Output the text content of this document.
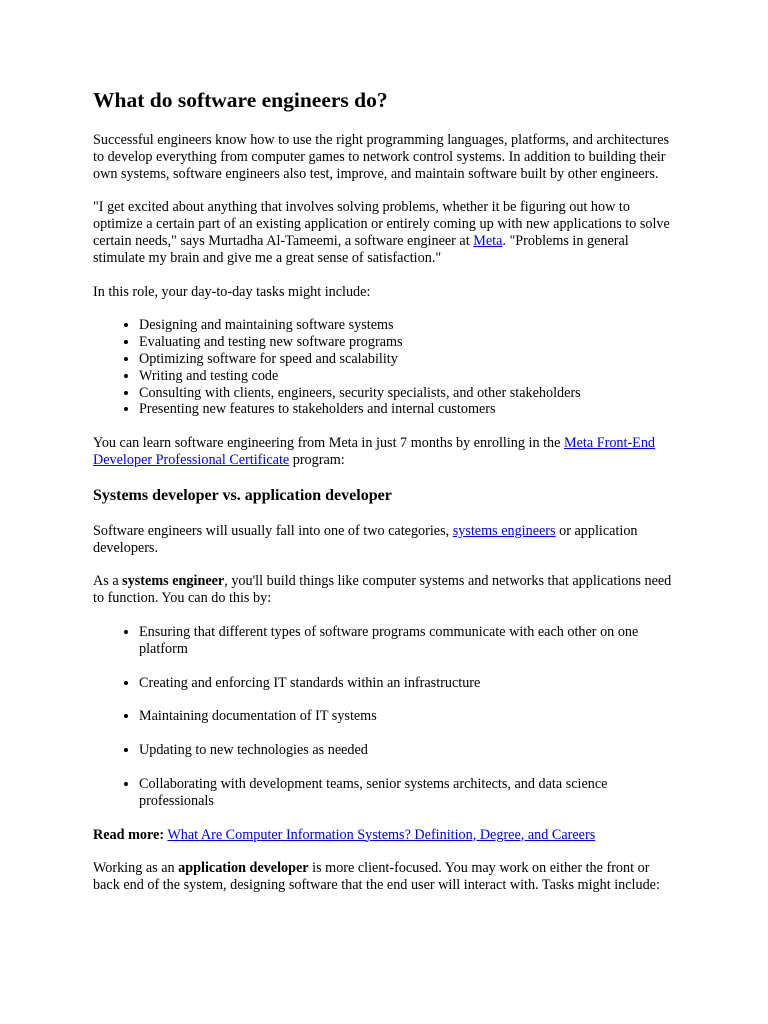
What do software engineers do?

Successful engineers know how to use the right programming languages, platforms, and architectures to develop everything from computer games to network control systems. In addition to building their own systems, software engineers also test, improve, and maintain software built by other engineers.

"I get excited about anything that involves solving problems, whether it be figuring out how to optimize a certain part of an existing application or entirely coming up with new applications to solve certain needs," says Murtadha Al-Tameemi, a software engineer at Meta. "Problems in general stimulate my brain and give me a great sense of satisfaction."

In this role, your day-to-day tasks might include:

• Designing and maintaining software systems
• Evaluating and testing new software programs
• Optimizing software for speed and scalability
• Writing and testing code
• Consulting with clients, engineers, security specialists, and other stakeholders
• Presenting new features to stakeholders and internal customers

You can learn software engineering from Meta in just 7 months by enrolling in the Meta Front-End Developer Professional Certificate program:

Systems developer vs. application developer

Software engineers will usually fall into one of two categories, systems engineers or application developers.

As a systems engineer, you'll build things like computer systems and networks that applications need to function. You can do this by:

• Ensuring that different types of software programs communicate with each other on one platform
• Creating and enforcing IT standards within an infrastructure
• Maintaining documentation of IT systems
• Updating to new technologies as needed
• Collaborating with development teams, senior systems architects, and data science professionals

Read more: What Are Computer Information Systems? Definition, Degree, and Careers

Working as an application developer is more client-focused. You may work on either the front or back end of the system, designing software that the end user will interact with. Tasks might include:
